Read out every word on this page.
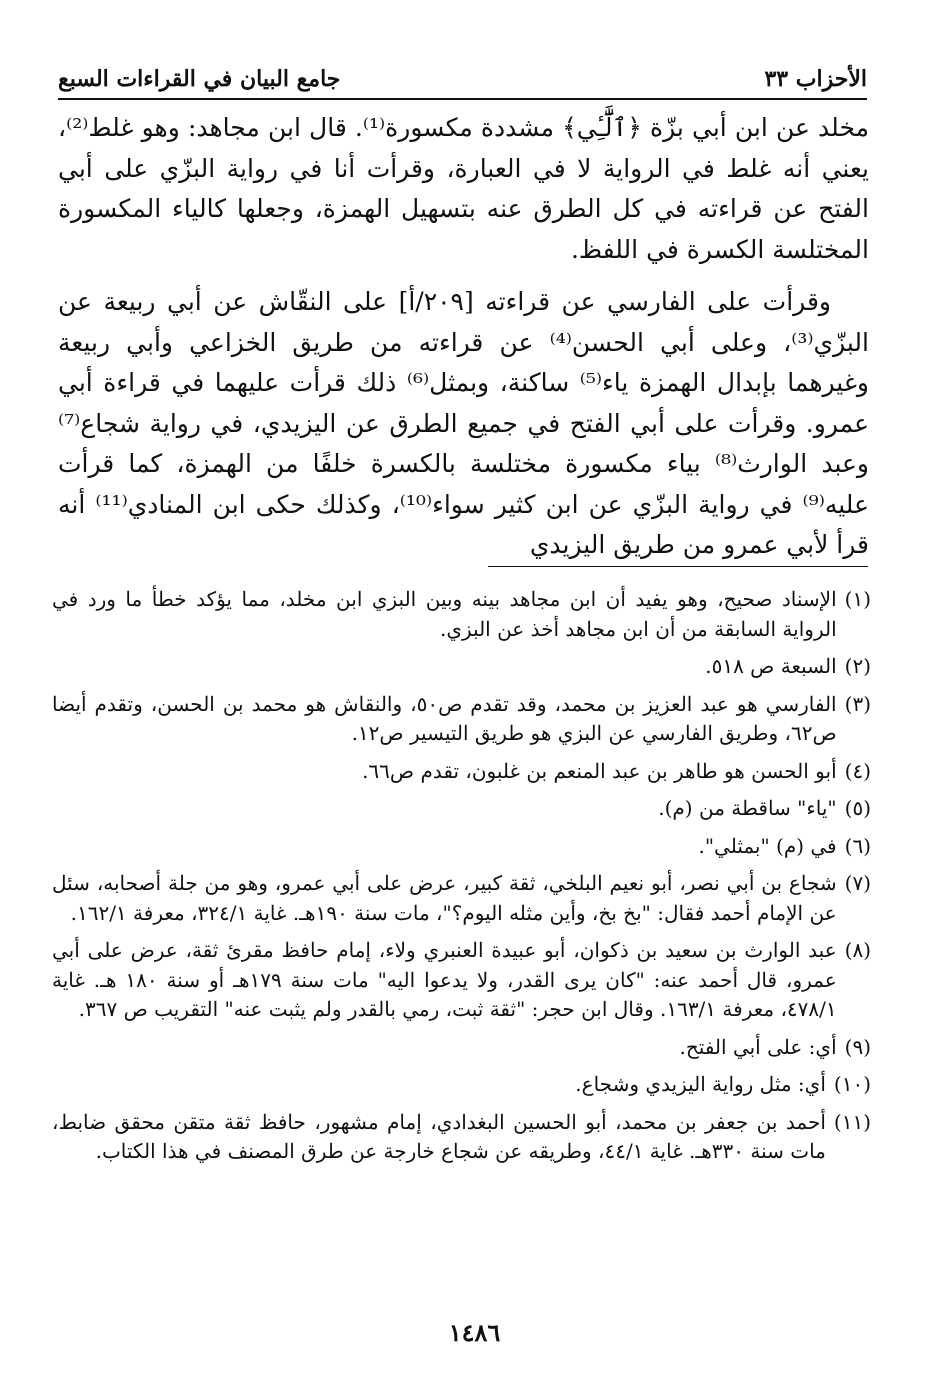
الأحزاب ٣٣
جامع البيان في القراءات السبع

مخلد عن ابن أبي بزّة ﴿ٱلَّٰٓـِٔي﴾ مشددة مكسورة⁽¹⁾. قال ابن مجاهد: وهو غلط⁽²⁾، يعني أنه غلط في الرواية لا في العبارة، وقرأت أنا في رواية البزّي على أبي الفتح عن قراءته في كل الطرق عنه بتسهيل الهمزة، وجعلها كالياء المكسورة المختلسة الكسرة في اللفظ.

وقرأت على الفارسي عن قراءته [٢٠٩/أ] على النقّاش عن أبي ربيعة عن البزّي⁽³⁾، وعلى أبي الحسن⁽⁴⁾ عن قراءته من طريق الخزاعي وأبي ربيعة وغيرهما بإبدال الهمزة ياء⁽⁵⁾ ساكنة، وبمثل⁽⁶⁾ ذلك قرأت عليهما في قراءة أبي عمرو. وقرأت على أبي الفتح في جميع الطرق عن اليزيدي، في رواية شجاع⁽⁷⁾ وعبد الوارث⁽⁸⁾ بياء مكسورة مختلسة بالكسرة خلفًا من الهمزة، كما قرأت عليه⁽⁹⁾ في رواية البزّي عن ابن كثير سواء⁽¹⁰⁾، وكذلك حكى ابن المنادي⁽¹¹⁾ أنه قرأ لأبي عمرو من طريق اليزيدي

(١)
الإسناد صحيح، وهو يفيد أن ابن مجاهد بينه وبين البزي ابن مخلد، مما يؤكد خطأ ما ورد في الرواية السابقة من أن ابن مجاهد أخذ عن البزي.
(٢)
السبعة ص ٥١٨.
(٣)
الفارسي هو عبد العزيز بن محمد، وقد تقدم ص٥٠، والنقاش هو محمد بن الحسن، وتقدم أيضا ص٦٢، وطريق الفارسي عن البزي هو طريق التيسير ص١٢.
(٤)
أبو الحسن هو طاهر بن عبد المنعم بن غلبون، تقدم ص٦٦.
(٥)
"ياء" ساقطة من (م).
(٦)
في (م) "بمثلي".
(٧)
شجاع بن أبي نصر، أبو نعيم البلخي، ثقة كبير، عرض على أبي عمرو، وهو من جلة أصحابه، سئل عن الإمام أحمد فقال: "بخ بخ، وأين مثله اليوم؟"، مات سنة ١٩٠هـ. غاية ٣٢٤/١، معرفة ١٦٢/١.
(٨)
عبد الوارث بن سعيد بن ذكوان، أبو عبيدة العنبري ولاء، إمام حافظ مقرئ ثقة، عرض على أبي عمرو، قال أحمد عنه: "كان يرى القدر، ولا يدعوا اليه" مات سنة ١٧٩هـ أو سنة ١٨٠ هـ. غاية ٤٧٨/١، معرفة ١٦٣/١. وقال ابن حجر: "ثقة ثبت، رمي بالقدر ولم يثبت عنه" التقريب ص ٣٦٧.
(٩)
أي: على أبي الفتح.
(١٠)
أي: مثل رواية اليزيدي وشجاع.
(١١)
أحمد بن جعفر بن محمد، أبو الحسين البغدادي، إمام مشهور، حافظ ثقة متقن محقق ضابط، مات سنة ٣٣٠هـ. غاية ٤٤/١، وطريقه عن شجاع خارجة عن طرق المصنف في هذا الكتاب.
١٤٨٦
